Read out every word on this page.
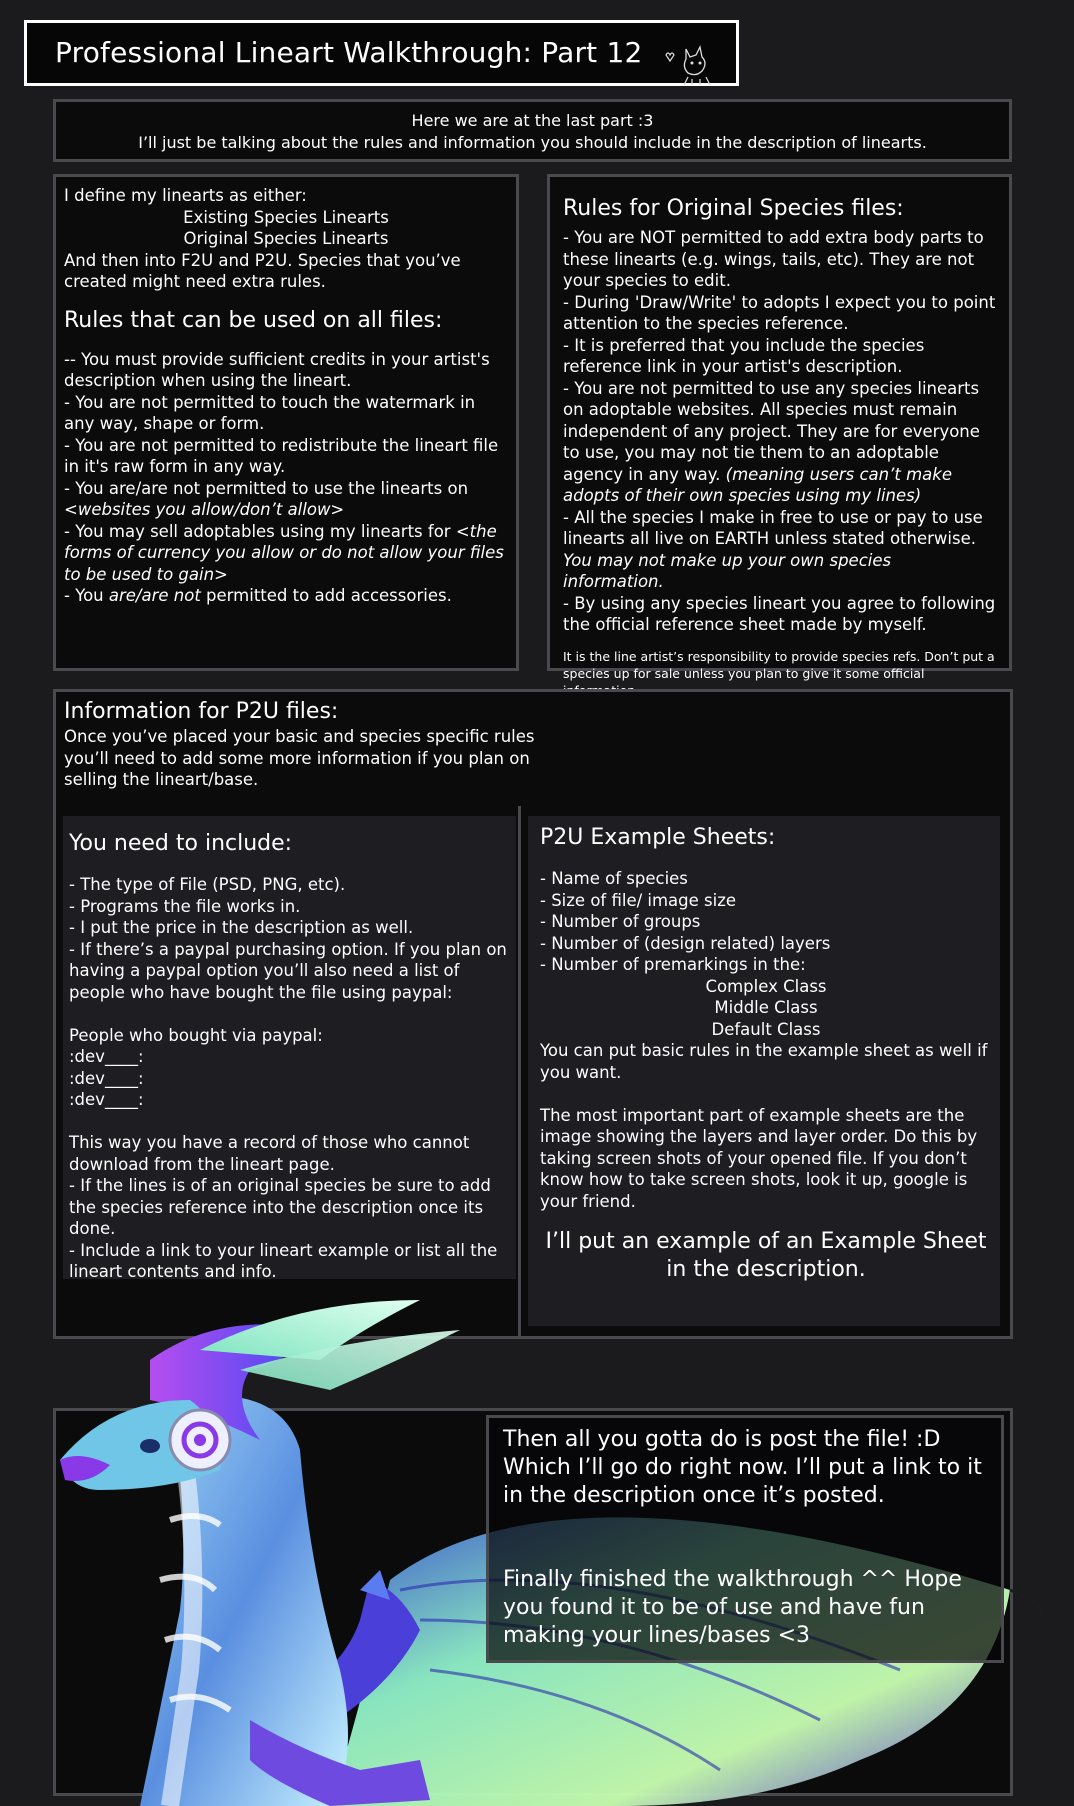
Professional Lineart Walkthrough: Part 12
Here we are at the last part :3
I’ll just be talking about the rules and information you should include in the description of linearts.
I define my linearts as either:
Existing Species Linearts
Original Species Linearts
And then into F2U and P2U. Species that you’ve created might need extra rules.
Rules that can be used on all files:
-- You must provide sufficient credits in your artist's description when using the lineart.
- You are not permitted to touch the watermark in any way, shape or form.
- You are not permitted to redistribute the lineart file in it's raw form in any way.
- You are/are not permitted to use the linearts on <websites you allow/don’t allow>
- You may sell adoptables using my linearts for <the forms of currency you allow or do not allow your files to be used to gain>
- You are/are not permitted to add accessories.
Rules for Original Species files:
- You are NOT permitted to add extra body parts to these linearts (e.g. wings, tails, etc). They are not your species to edit.
- During 'Draw/Write' to adopts I expect you to point attention to the species reference.
- It is preferred that you include the species reference link in your artist's description.
- You are not permitted to use any species linearts on adoptable websites. All species must remain independent of any project. They are for everyone to use, you may not tie them to an adoptable agency in any way. (meaning users can’t make adopts of their own species using my lines)
- All the species I make in free to use or pay to use linearts all live on EARTH unless stated otherwise. You may not make up your own species information.
- By using any species lineart you agree to following the official reference sheet made by myself.
It is the line artist’s responsibility to provide species refs. Don’t put a species up for sale unless you plan to give it some official
Information for P2U files:
Once you’ve placed your basic and species specific rules you’ll need to add some more information if you plan on selling the lineart/base.
You need to include:
- The type of File (PSD, PNG, etc).
- Programs the file works in.
- I put the price in the description as well.
- If there’s a paypal purchasing option. If you plan on having a paypal option you’ll also need a list of people who have bought the file using paypal:
People who bought via paypal:
:dev____:
:dev____:
:dev____:
This way you have a record of those who cannot download from the lineart page.
- If the lines is of an original species be sure to add the species reference into the description once its done.
- Include a link to your lineart example or list all the lineart contents and info.
P2U Example Sheets:
- Name of species
- Size of file/ image size
- Number of groups
- Number of (design related) layers
- Number of premarkings in the:
Complex Class
Middle Class
Default Class
You can put basic rules in the example sheet as well if you want.
The most important part of example sheets are the image showing the layers and layer order. Do this by taking screen shots of your opened file. If you don’t know how to take screen shots, look it up, google is your friend.
I’ll put an example of an Example Sheet in the description.
Then all you gotta do is post the file! :D Which I’ll go do right now. I’ll put a link to it in the description once it’s posted.
Finally finished the walkthrough ^^ Hope you found it to be of use and have fun making your lines/bases <3
